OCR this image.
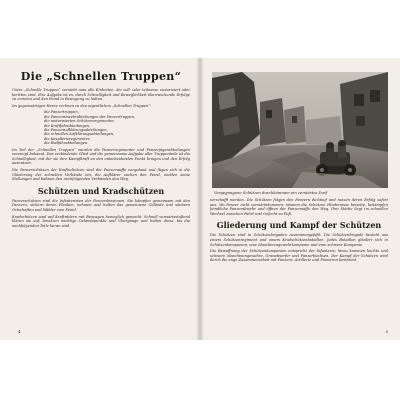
Die „Schnellen Truppen“

Unter „Schnelle Truppen“ versteht man alle Einheiten, die voll- oder teilweise motorisiert oder beritten sind. Ihre Aufgabe ist es, durch Schnelligkeit und Beweglichkeit überraschende Erfolge zu erzielen und den Feind in Bewegung zu halten.

Im gegenwärtigen Heere rechnen zu den eigentlichen „Schnellen Truppen“:

die Panzertruppen,
die Panzerabwehrabteilungen der Panzertruppen,
die motorisierten Schützenregimenter,
die Kraftfahrabteilungen,
die Panzeraufklärungsabteilungen,
die schnellen Aufklärungsabteilungen,
die Kavallerieregimenter,
die Radfahrabteilungen.

Im Teil der „Schnellen Truppen“ wurden die Panzerregimenter und Panzerjägerabteilungen vereinigt bekannt. Das verbindende Glied und die gemeinsame Aufgabe aller Truppenteile ist die Schnelligkeit, mit der sie ihre Kampfkraft an den entscheidenden Punkt bringen und den Erfolg ausnutzen.

Die Panzerschützen der Kraftschützen sind der Panzerwaffe vorgebaut und fügen sich in die Gliederung der schnellen Verbände ein; die Aufklärer suchen den Feind, melden seine Stellungen und bahnen den nachfolgenden Verbänden den Weg.

Schützen und Kradschützen

Panzerschützen sind die Infanteristen der Panzerdivisionen. Sie kämpfen gemeinsam mit den Panzern, sichern deren Flanken, nehmen und halten das gewonnene Gelände und säubern Ortschaften und Wälder vom Feind.

Kradschützen sind auf Krafträdern mit Beiwagen beweglich gemacht. Schnell vorwärtsstoßend klären sie auf, besetzen wichtige Geländepunkte und Übergänge und halten diese, bis die nachfolgenden Teile heran sind.

4
Vorgegangene Schützen durchkämmen ein zerstörtes Dorf

verschafft werden. Die Schützen folgen den Panzern dichtauf und nutzen deren Erfolg sofort aus. Wo Panzer nicht vorwärtskommen, räumen die Schützen Hindernisse beiseite, bekämpfen feindliche Panzerabwehr und öffnen der Panzerwaffe den Weg. Ihre Stärke liegt im schnellen Wechsel zwischen Fahrt und Gefecht zu Fuß.

Gliederung und Kampf der Schützen

Die Schützen sind in Schützenbrigaden zusammengefaßt. Die Schützenbrigade besteht aus einem Schützenregiment und einem Kradschützenbataillon. Jedes Bataillon gliedert sich in Schützenkompanien, eine Maschinengewehrkompanie und eine schwere Kompanie.

Die Bewaffnung der Schützenkompanien entspricht der Infanterie; hinzu kommen leichte und schwere Maschinengewehre, Granatwerfer und Panzerbüchsen. Der Kampf der Schützen wird durch die enge Zusammenarbeit mit Panzern, Artillerie und Pionieren bestimmt.

5
